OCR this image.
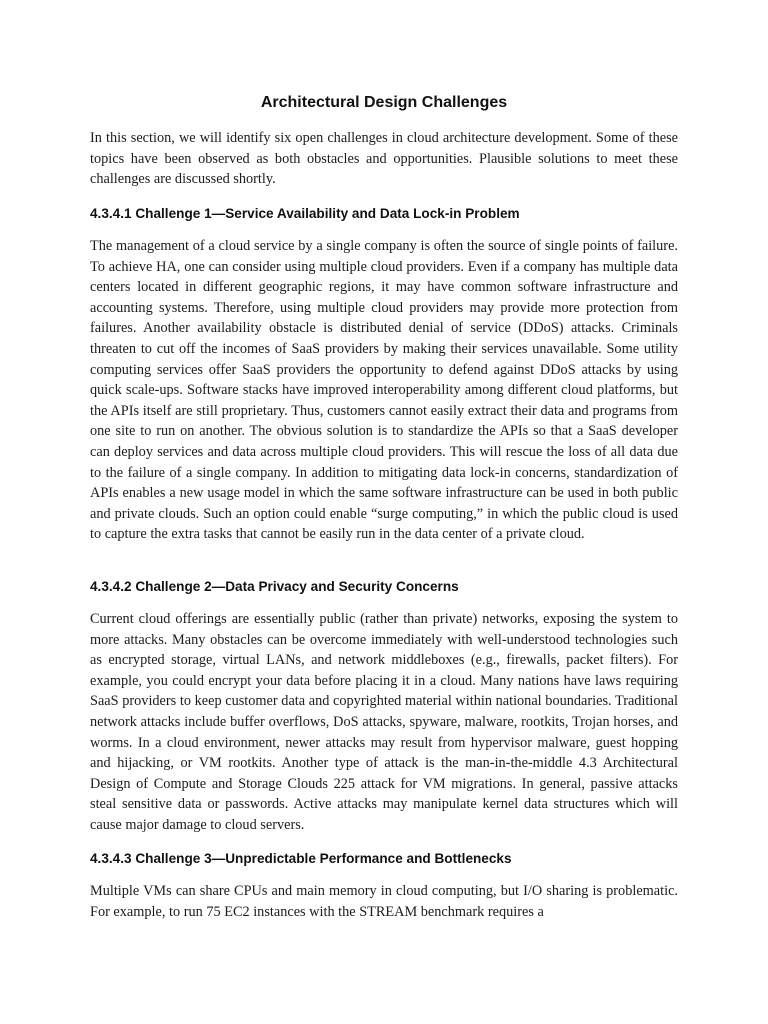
Architectural Design Challenges

In this section, we will identify six open challenges in cloud architecture development. Some of these topics have been observed as both obstacles and opportunities. Plausible solutions to meet these challenges are discussed shortly.

4.3.4.1 Challenge 1—Service Availability and Data Lock-in Problem

The management of a cloud service by a single company is often the source of single points of failure. To achieve HA, one can consider using multiple cloud providers. Even if a company has multiple data centers located in different geographic regions, it may have common software infrastructure and accounting systems. Therefore, using multiple cloud providers may provide more protection from failures. Another availability obstacle is distributed denial of service (DDoS) attacks. Criminals threaten to cut off the incomes of SaaS providers by making their services unavailable. Some utility computing services offer SaaS providers the opportunity to defend against DDoS attacks by using quick scale-ups. Software stacks have improved interoperability among different cloud platforms, but the APIs itself are still proprietary. Thus, customers cannot easily extract their data and programs from one site to run on another. The obvious solution is to standardize the APIs so that a SaaS developer can deploy services and data across multiple cloud providers. This will rescue the loss of all data due to the failure of a single company. In addition to mitigating data lock-in concerns, standardization of APIs enables a new usage model in which the same software infrastructure can be used in both public and private clouds. Such an option could enable “surge computing,” in which the public cloud is used to capture the extra tasks that cannot be easily run in the data center of a private cloud.

4.3.4.2 Challenge 2—Data Privacy and Security Concerns

Current cloud offerings are essentially public (rather than private) networks, exposing the system to more attacks. Many obstacles can be overcome immediately with well-understood technologies such as encrypted storage, virtual LANs, and network middleboxes (e.g., firewalls, packet filters). For example, you could encrypt your data before placing it in a cloud. Many nations have laws requiring SaaS providers to keep customer data and copyrighted material within national boundaries. Traditional network attacks include buffer overflows, DoS attacks, spyware, malware, rootkits, Trojan horses, and worms. In a cloud environment, newer attacks may result from hypervisor malware, guest hopping and hijacking, or VM rootkits. Another type of attack is the man-in-the-middle 4.3 Architectural Design of Compute and Storage Clouds 225 attack for VM migrations. In general, passive attacks steal sensitive data or passwords. Active attacks may manipulate kernel data structures which will cause major damage to cloud servers.

4.3.4.3 Challenge 3—Unpredictable Performance and Bottlenecks

Multiple VMs can share CPUs and main memory in cloud computing, but I/O sharing is problematic. For example, to run 75 EC2 instances with the STREAM benchmark requires a
